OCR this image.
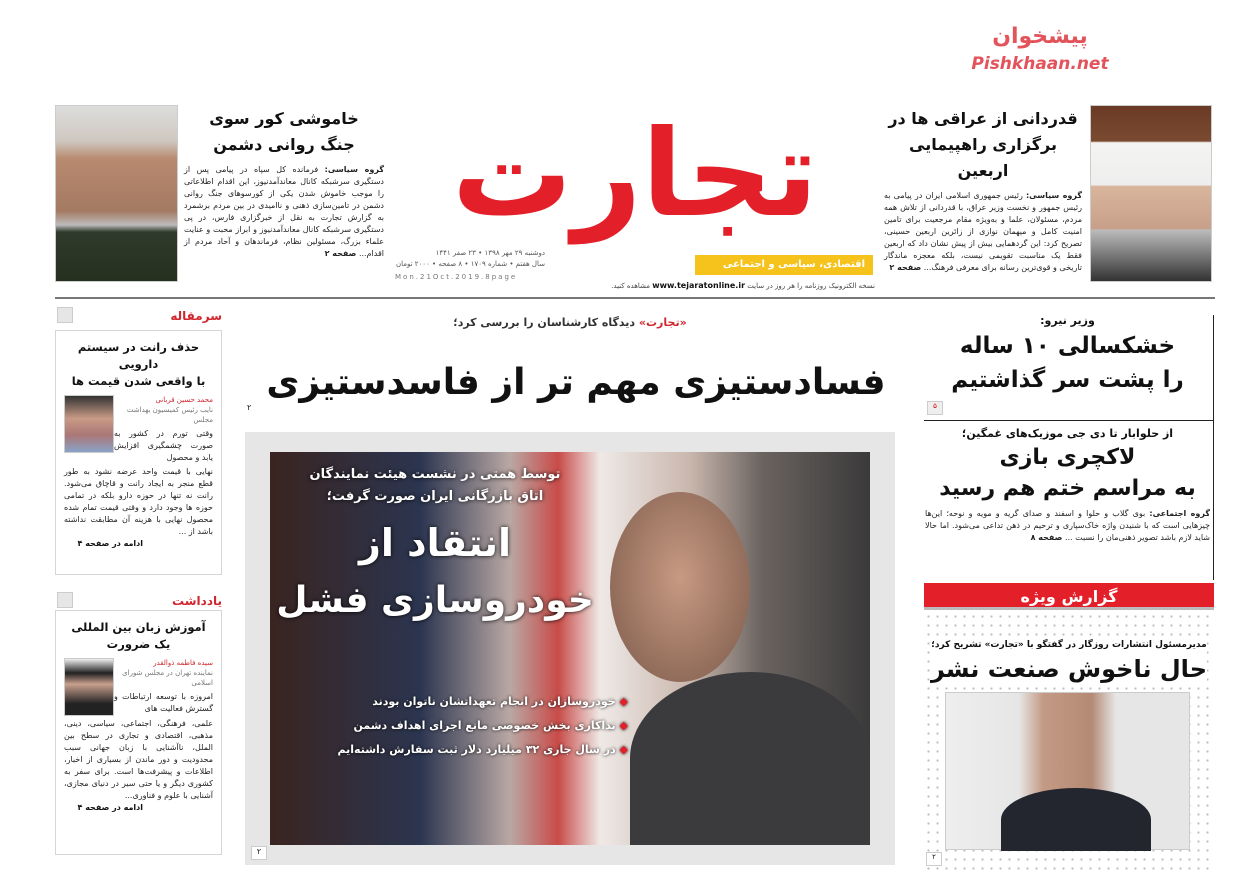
پیشخوان
Pishkhaan.net
قدردانی از عراقی ها در
برگزاری راهپیمایی اربعین
گروه سیاسی: رئیس جمهوری اسلامی ایران در پیامی به رئیس جمهور و نخست وزیر عراق، با قدردانی از تلاش همه مردم، مسئولان، علما و به‌ویژه مقام مرجعیت برای تامین امنیت کامل و میهمان نوازی از زائرین اربعین حسینی، تصریح کرد: این گردهمایی بیش از پیش نشان داد که اربعین فقط یک مناسبت تقویمی نیست، بلکه معجزه ماندگار تاریخی و قوی‌ترین رسانه برای معرفی فرهنگ... صفحه ۲
خاموشی کور سوی
جنگ روانی دشمن
گروه سیاسی: فرمانده کل سپاه در پیامی پس از دستگیری سرشبکه کانال معاندآمدنیوز، این اقدام اطلاعاتی را موجب خاموش شدن یکی از کورسوهای جنگ روانی دشمن در تامین‌سازی ذهنی و ناامیدی در بین مردم برشمرد به گزارش تجارت به نقل از خبرگزاری فارس، در پی دستگیری سرشبکه کانال معاندآمدنیوز و ابراز محبت و عنایت علماء بزرگ، مسئولین نظام، فرماندهان و آحاد مردم از اقدام... صفحه ۲
تجارت
اقتصادی، سیاسی و اجتماعی
دوشنبه ۲۹ مهر ۱۳۹۸ • ۲۳ صفر ۱۴۴۱
سال هفتم • شماره ۱۷۰۹ • ۸ صفحه • ۲۰۰۰ تومان
Mon.21Oct.2019.8page
نسخه الکترونیک روزنامه را هر روز در سایت www.tejaratonline.ir مشاهده کنید.
سرمقاله
حذف رانت در سیستم دارویی
با واقعی شدن قیمت ها
محمد حسین قربانی
نایب رئیس کمیسیون بهداشت مجلس
وقتی تورم در کشور به صورت چشمگیری افزایش یابد و محصول
نهایی با قیمت واحد عرضه نشود به طور قطع منجر به ایجاد رانت و قاچاق می‌شود. رانت نه تنها در حوزه دارو بلکه در تمامی حوزه ها وجود دارد و وقتی قیمت تمام شده محصول نهایی با هزینه آن مطابقت نداشته باشد از ...
ادامه در صفحه ۴
یادداشت
آموزش زبان بین المللی
یک ضرورت
سیده فاطمه ذوالقدر
نماینده تهران در مجلس شورای اسلامی
امروزه با توسعه ارتباطات و گسترش فعالیت های
علمی، فرهنگی، اجتماعی، سیاسی، دینی، مذهبی، اقتصادی و تجاری در سطح بین الملل، ناآشنایی با زبان جهانی سبب محدودیت و دور ماندن از بسیاری از اخبار، اطلاعات و پیشرفت‌ها است. برای سفر به کشوری دیگر و یا حتی سیر در دنیای مجازی، آشنایی با علوم و فناوری...
ادامه در صفحه ۴
«تجارت» دیدگاه کارشناسان را بررسی کرد؛
فسادستیزی مهم تر از فاسدستیزی
۲
توسط همتی در نشست هیئت نمایندگان
اتاق بازرگانی ایران صورت گرفت؛
انتقاد از
خودروسازی فشل
◆ خودروسازان در انجام تعهداتشان ناتوان بودند
◆ تداکاری بخش خصوصی مانع اجرای اهداف دشمن
◆ در سال جاری ۳۲ میلیارد دلار ثبت سفارش داشته‌ایم
۲
وزیر نیرو:
خشکسالی ۱۰ ساله
را پشت سر گذاشتیم
۵
از حلوابار تا دی جی موزیک‌های غمگین؛
لاکچری بازی
به مراسم ختم هم رسید
گروه اجتماعی: بوی گلاب و حلوا و اسفند و صدای گریه و مویه و نوحه؛ این‌ها چیزهایی است که با شنیدن واژه خاک‌سپاری و ترحیم در ذهن تداعی می‌شود. اما حالا شاید لازم باشد تصویر ذهنی‌مان را نسبت ... صفحه ۸
گزارش ویژه
مدیرمسئول انتشارات روزگار در گفتگو با «تجارت» تشریح کرد؛ حال ناخوش صنعت نشر
۲
